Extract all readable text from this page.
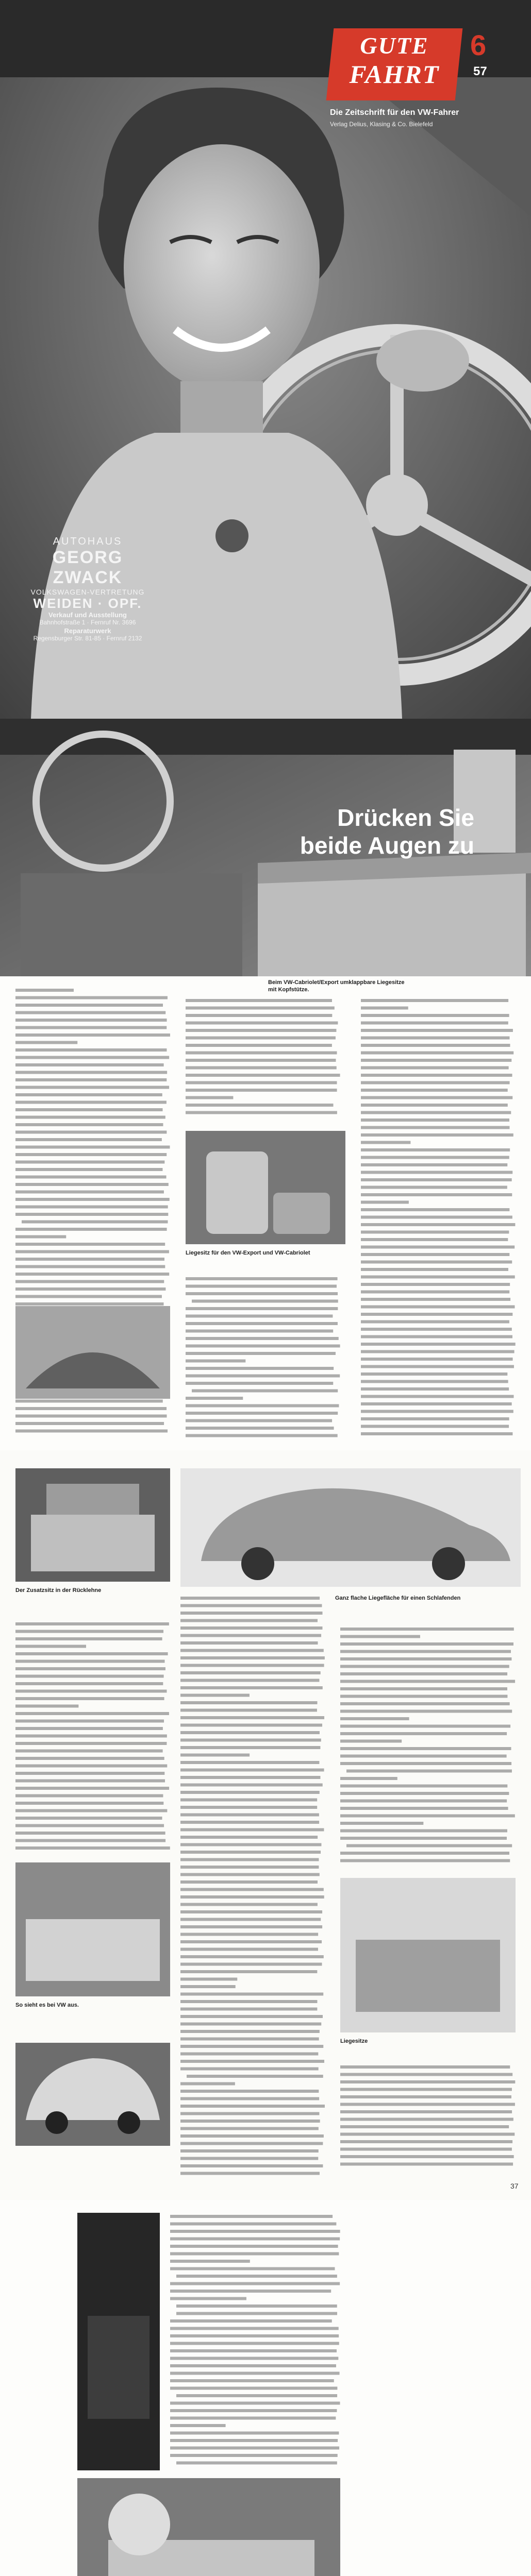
GUTE
FAHRT
6
57
Die Zeitschrift für den VW-Fahrer
Verlag Delius, Klasing & Co. Bielefeld
AUTOHAUS
GEORG ZWACK
VOLKSWAGEN-VERTRETUNG
WEIDEN · OPF.
Verkauf und Ausstellung
Bahnhofstraße 1 · Fernruf Nr. 3696
Reparaturwerk
Regensburger Str. 81-85 · Fernruf 2132
Drücken Sie
beide Augen zu
Beim VW-Cabriolet/Export umklappbare Liegesitze mit Kopfstütze.
Liegesitz für den VW-Export und VW-Cabriolet
Der Zusatzsitz in der Rücklehne
Ganz flache Liegefläche für einen Schlafenden
So sieht es bei VW aus.
Liegesitze
37
